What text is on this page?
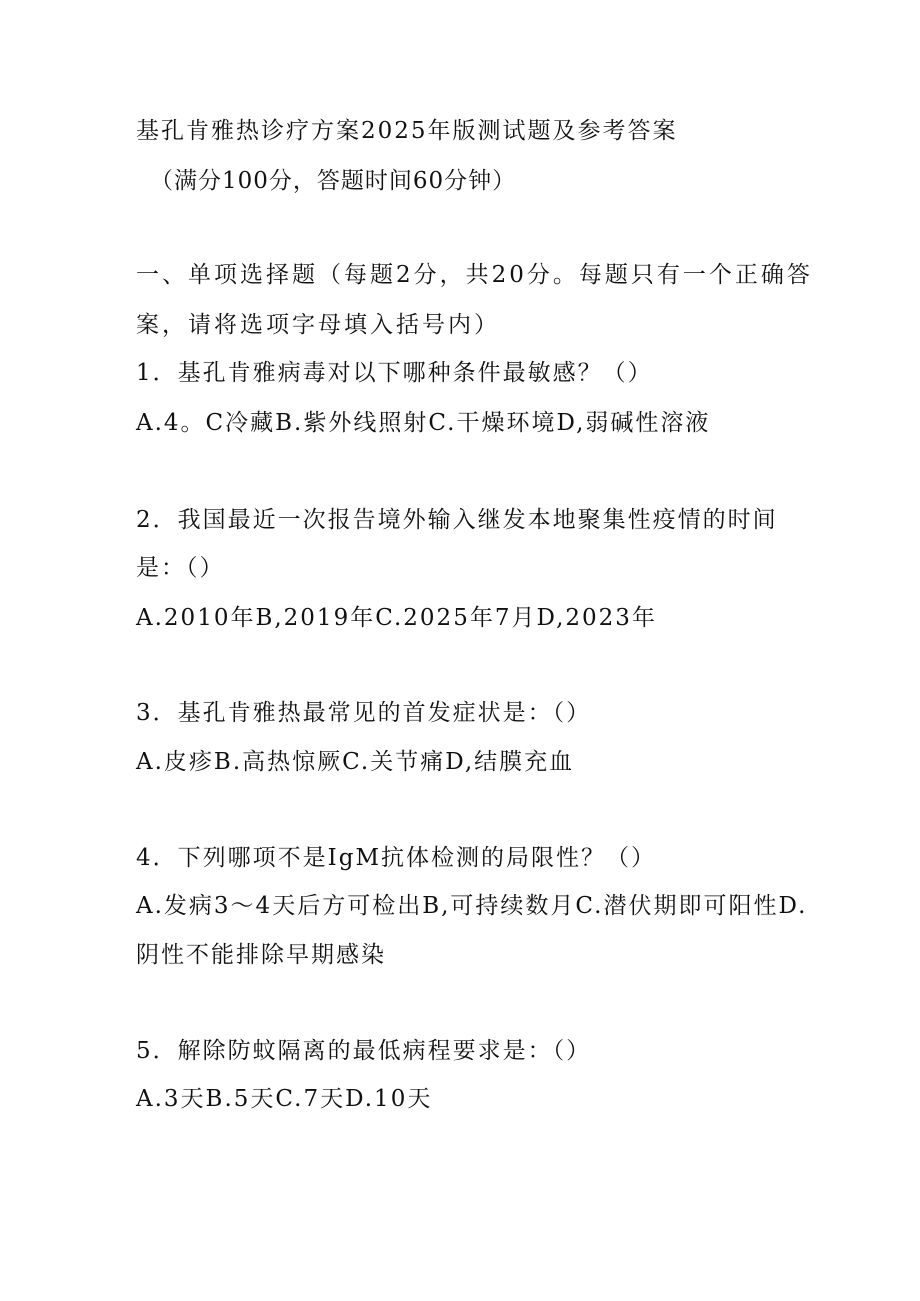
基孔肯雅热诊疗方案2025年版测试题及参考答案
（满分100分，答题时间60分钟）
一、单项选择题（每题2分，共20分。每题只有一个正确答
案，请将选项字母填入括号内）
1．基孔肯雅病毒对以下哪种条件最敏感？（）
A.4。C冷藏B.紫外线照射C.干燥环境D,弱碱性溶液
2．我国最近一次报告境外输入继发本地聚集性疫情的时间
是：（）
A.2010年B,2019年C.2025年7月D,2023年
3．基孔肯雅热最常见的首发症状是：（）
A.皮疹B.高热惊厥C.关节痛D,结膜充血
4．下列哪项不是IgM抗体检测的局限性？（）
A.发病3～4天后方可检出B,可持续数月C.潜伏期即可阳性D.
阴性不能排除早期感染
5．解除防蚊隔离的最低病程要求是：（）
A.3天B.5天C.7天D.10天
